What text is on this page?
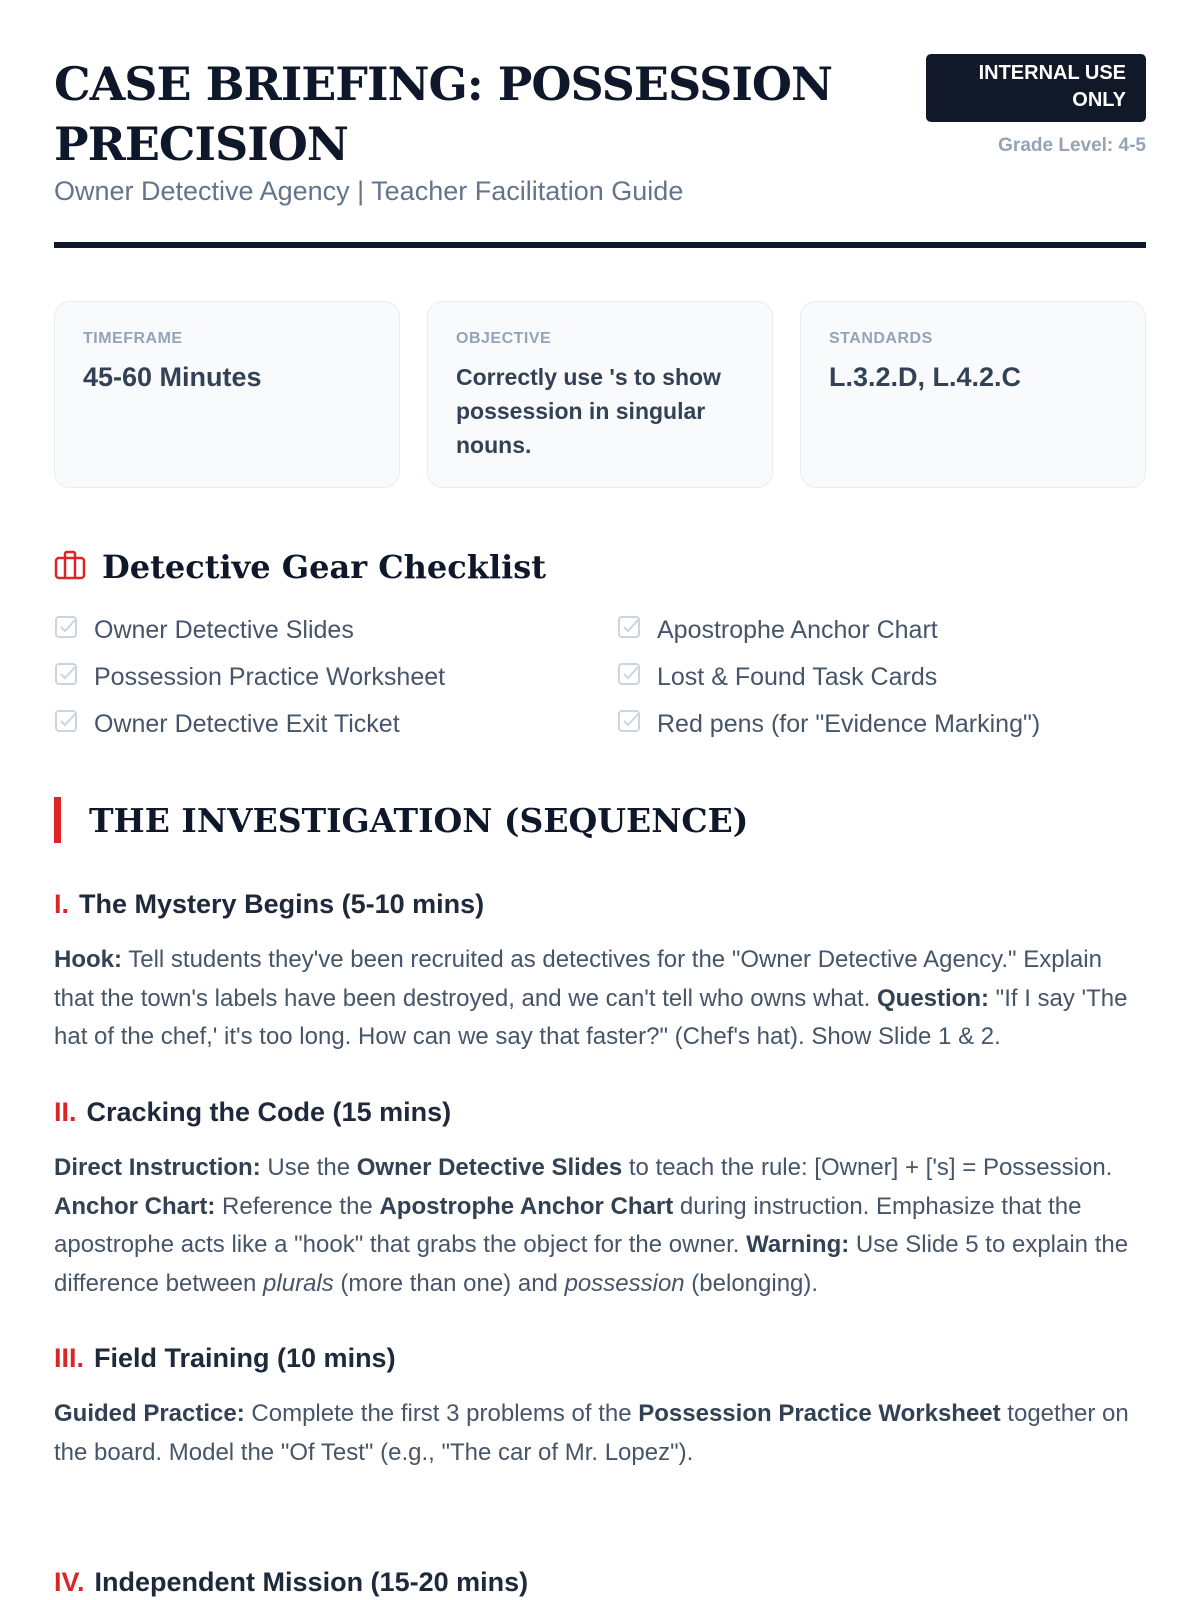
CASE BRIEFING: POSSESSION PRECISION
Owner Detective Agency | Teacher Facilitation Guide
INTERNAL USE
ONLY
Grade Level: 4-5
TIMEFRAME
45-60 Minutes
OBJECTIVE
Correctly use 's to show possession in singular nouns.
STANDARDS
L.3.2.D, L.4.2.C
Detective Gear Checklist
Owner Detective Slides	Apostrophe Anchor Chart
Possession Practice Worksheet	Lost & Found Task Cards
Owner Detective Exit Ticket	Red pens (for "Evidence Marking")
THE INVESTIGATION (SEQUENCE)
I. The Mystery Begins (5-10 mins)
Hook: Tell students they've been recruited as detectives for the "Owner Detective Agency." Explain that the town's labels have been destroyed, and we can't tell who owns what. Question: "If I say 'The hat of the chef,' it's too long. How can we say that faster?" (Chef's hat). Show Slide 1 & 2.
II. Cracking the Code (15 mins)
Direct Instruction: Use the Owner Detective Slides to teach the rule: [Owner] + ['s] = Possession. Anchor Chart: Reference the Apostrophe Anchor Chart during instruction. Emphasize that the apostrophe acts like a "hook" that grabs the object for the owner. Warning: Use Slide 5 to explain the difference between plurals (more than one) and possession (belonging).
III. Field Training (10 mins)
Guided Practice: Complete the first 3 problems of the Possession Practice Worksheet together on the board. Model the "Of Test" (e.g., "The car of Mr. Lopez").
IV. Independent Mission (15-20 mins)
